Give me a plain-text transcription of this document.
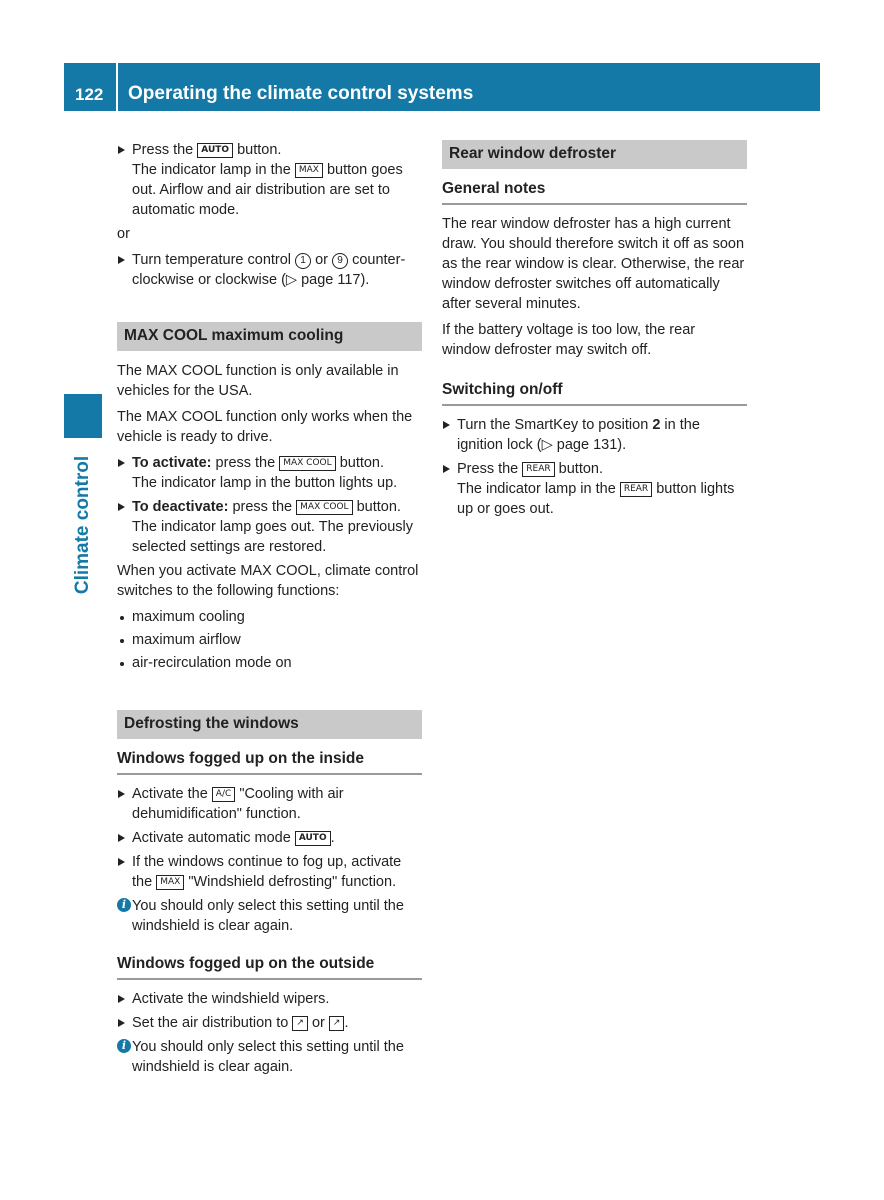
122 Operating the climate control systems
Climate control
Press the AUTO button.
The indicator lamp in the MAX button goes out. Airflow and air distribution are set to automatic mode.

or

Turn temperature control 1 or 9 counter-clockwise or clockwise (▷ page 117).
MAX COOL maximum cooling

The MAX COOL function is only available in vehicles for the USA.

The MAX COOL function only works when the vehicle is ready to drive.

To activate: press the MAX COOL button.
The indicator lamp in the button lights up.
To deactivate: press the MAX COOL button.
The indicator lamp goes out. The previously selected settings are restored.

When you activate MAX COOL, climate control switches to the following functions:

maximum cooling
maximum airflow
air-recirculation mode on
Defrosting the windows
Windows fogged up on the inside
Activate the A/C "Cooling with air dehumidification" function.
Activate automatic mode AUTO .
If the windows continue to fog up, activate the MAX "Windshield defrosting" function.
i You should only select this setting until the windshield is clear again.
Windows fogged up on the outside
Activate the windshield wipers.
Set the air distribution to ↗ or ↗ .
i You should only select this setting until the windshield is clear again.
Rear window defroster
General notes

The rear window defroster has a high current draw. You should therefore switch it off as soon as the rear window is clear. Otherwise, the rear window defroster switches off automatically after several minutes.

If the battery voltage is too low, the rear window defroster may switch off.

Switching on/off
Turn the SmartKey to position 2 in the ignition lock (▷ page 131).
Press the REAR button.
The indicator lamp in the REAR button lights up or goes out.
